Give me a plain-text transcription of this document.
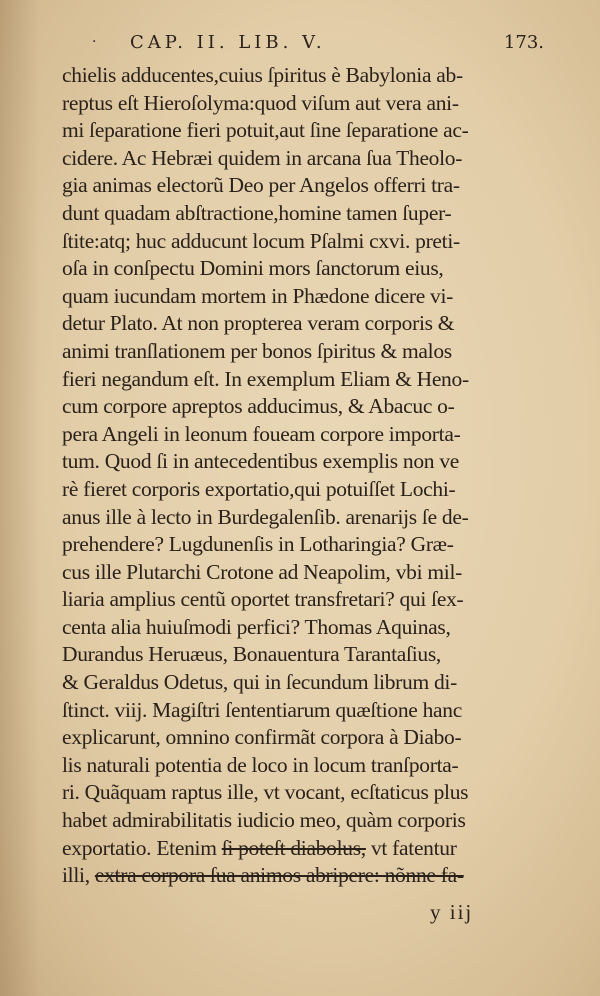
· CAP. II. LIB. V.	173.
chielis adducentes,cuius ſpiritus è Babylonia ab-
reptus eſt Hieroſolyma:quod viſum aut vera ani-
mi ſeparatione fieri potuit,aut ſine ſeparatione ac-
cidere. Ac Hebræi quidem in arcana ſua Theolo-
gia animas electorũ Deo per Angelos offerri tra-
dunt quadam abſtractione,homine tamen ſuper-
ſtite:atq; huc adducunt locum Pſalmi cxvi. preti-
oſa in conſpectu Domini mors ſanctorum eius,
quam iucundam mortem in Phædone dicere vi-
detur Plato. At non propterea veram corporis &
animi tranſlationem per bonos ſpiritus & malos
fieri negandum eſt. In exemplum Eliam & Heno-
cum corpore apreptos adducimus, & Abacuc o-
pera Angeli in leonum foueam corpore importa-
tum. Quod ſi in antecedentibus exemplis non ve
rè fieret corporis exportatio,qui potuiſſet Lochi-
anus ille à lecto in Burdegalenſib. arenarijs ſe de-
prehendere? Lugdunenſis in Lotharingia? Græ-
cus ille Plutarchi Crotone ad Neapolim, vbi mil-
liaria amplius centũ oportet transfretari? qui ſex-
centa alia huiuſmodi perfici? Thomas Aquinas,
Durandus Heruæus, Bonauentura Tarantaſius,
& Geraldus Odetus, qui in ſecundum librum di-
ſtinct. viij. Magiſtri ſententiarum quæſtione hanc
explicarunt, omnino confirmãt corpora à Diabo-
lis naturali potentia de loco in locum tranſporta-
ri. Quãquam raptus ille, vt vocant, ecſtaticus plus
habet admirabilitatis iudicio meo, quàm corporis
exportatio. Etenim ſi poteſt diabolus, vt fatentur
illi, extra corpora ſua animos abripere: nõnne fa-
y iij
